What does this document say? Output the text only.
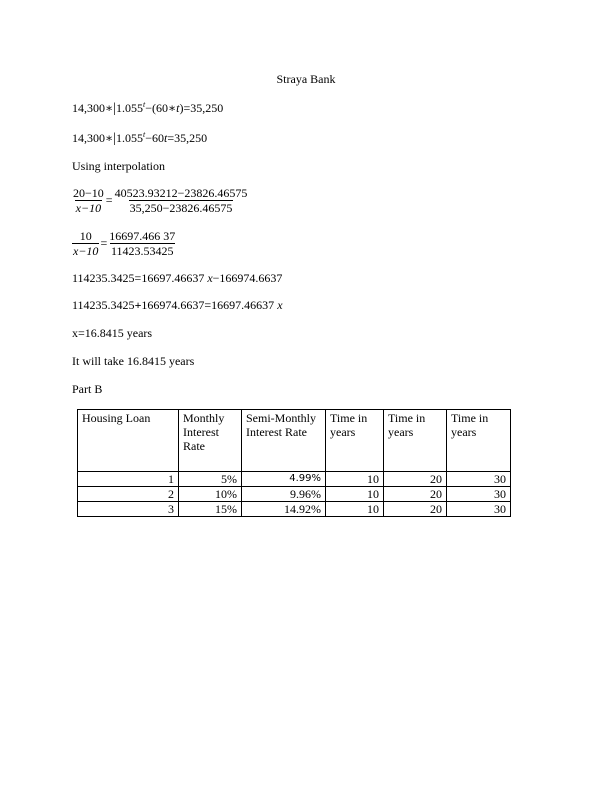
Straya Bank
$14,300∗|1.055^t-(60∗t)=35,250$
$14,300∗|1.055^t-60t=35,250$
Using interpolation
$\frac{20-10}{x-10} = \frac{40523.93212-23826.46575}{35,250-23826.46575}$
$\frac{10}{x-10} = \frac{16697.466 37}{11423.53425}$
114235.3425=16697.46637 x−166974.6637
114235.3425+166974.6637=16697.46637 x
x=16.8415 years
It will take 16.8415 years
Part B
Housing Loan	Monthly Interest Rate	Semi-Monthly Interest Rate	Time in years	Time in years	Time in years
1	5%	4.99%	10	20	30
2	10%	9.96%	10	20	30
3	15%	14.92%	10	20	30
